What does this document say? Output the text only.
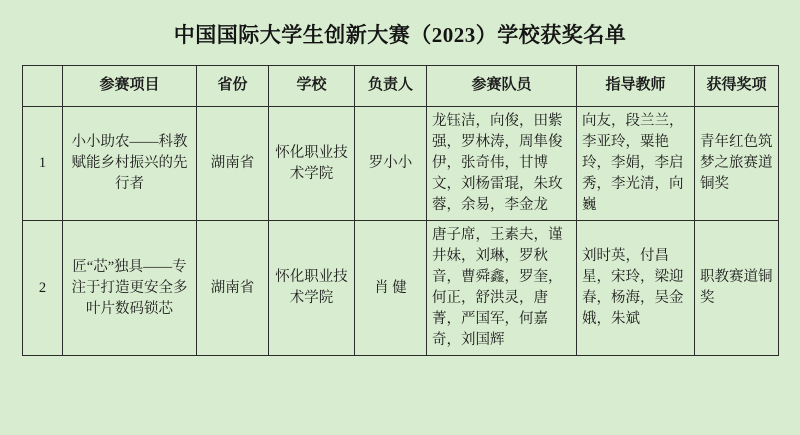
中国国际大学生创新大赛（2023）学校获奖名单
	参赛项目	省份	学校	负责人	参赛队员	指导教师	获得奖项
1	小小助农——科教赋能乡村振兴的先行者	湖南省	怀化职业技术学院	罗小小	龙钰洁，向俊，田紫强，罗林涛，周隼俊伊，张奇伟，甘博文，刘杨雷琨，朱玫蓉，余易，李金龙	向友，段兰兰，李亚玲，粟艳玲，李娟，李启秀，李光清，向巍	青年红色筑梦之旅赛道铜奖
2	匠“芯”独具——专注于打造更安全多叶片数码锁芯	湖南省	怀化职业技术学院	肖 健	唐子席，王素夫，谨井妹，刘琳，罗秋音，曹舜鑫，罗奎，何正，舒洪灵，唐菁，严国军，何嘉奇，刘国辉	刘时英，付昌星，宋玲，梁迎春，杨海，吴金娥，朱斌	职教赛道铜奖
